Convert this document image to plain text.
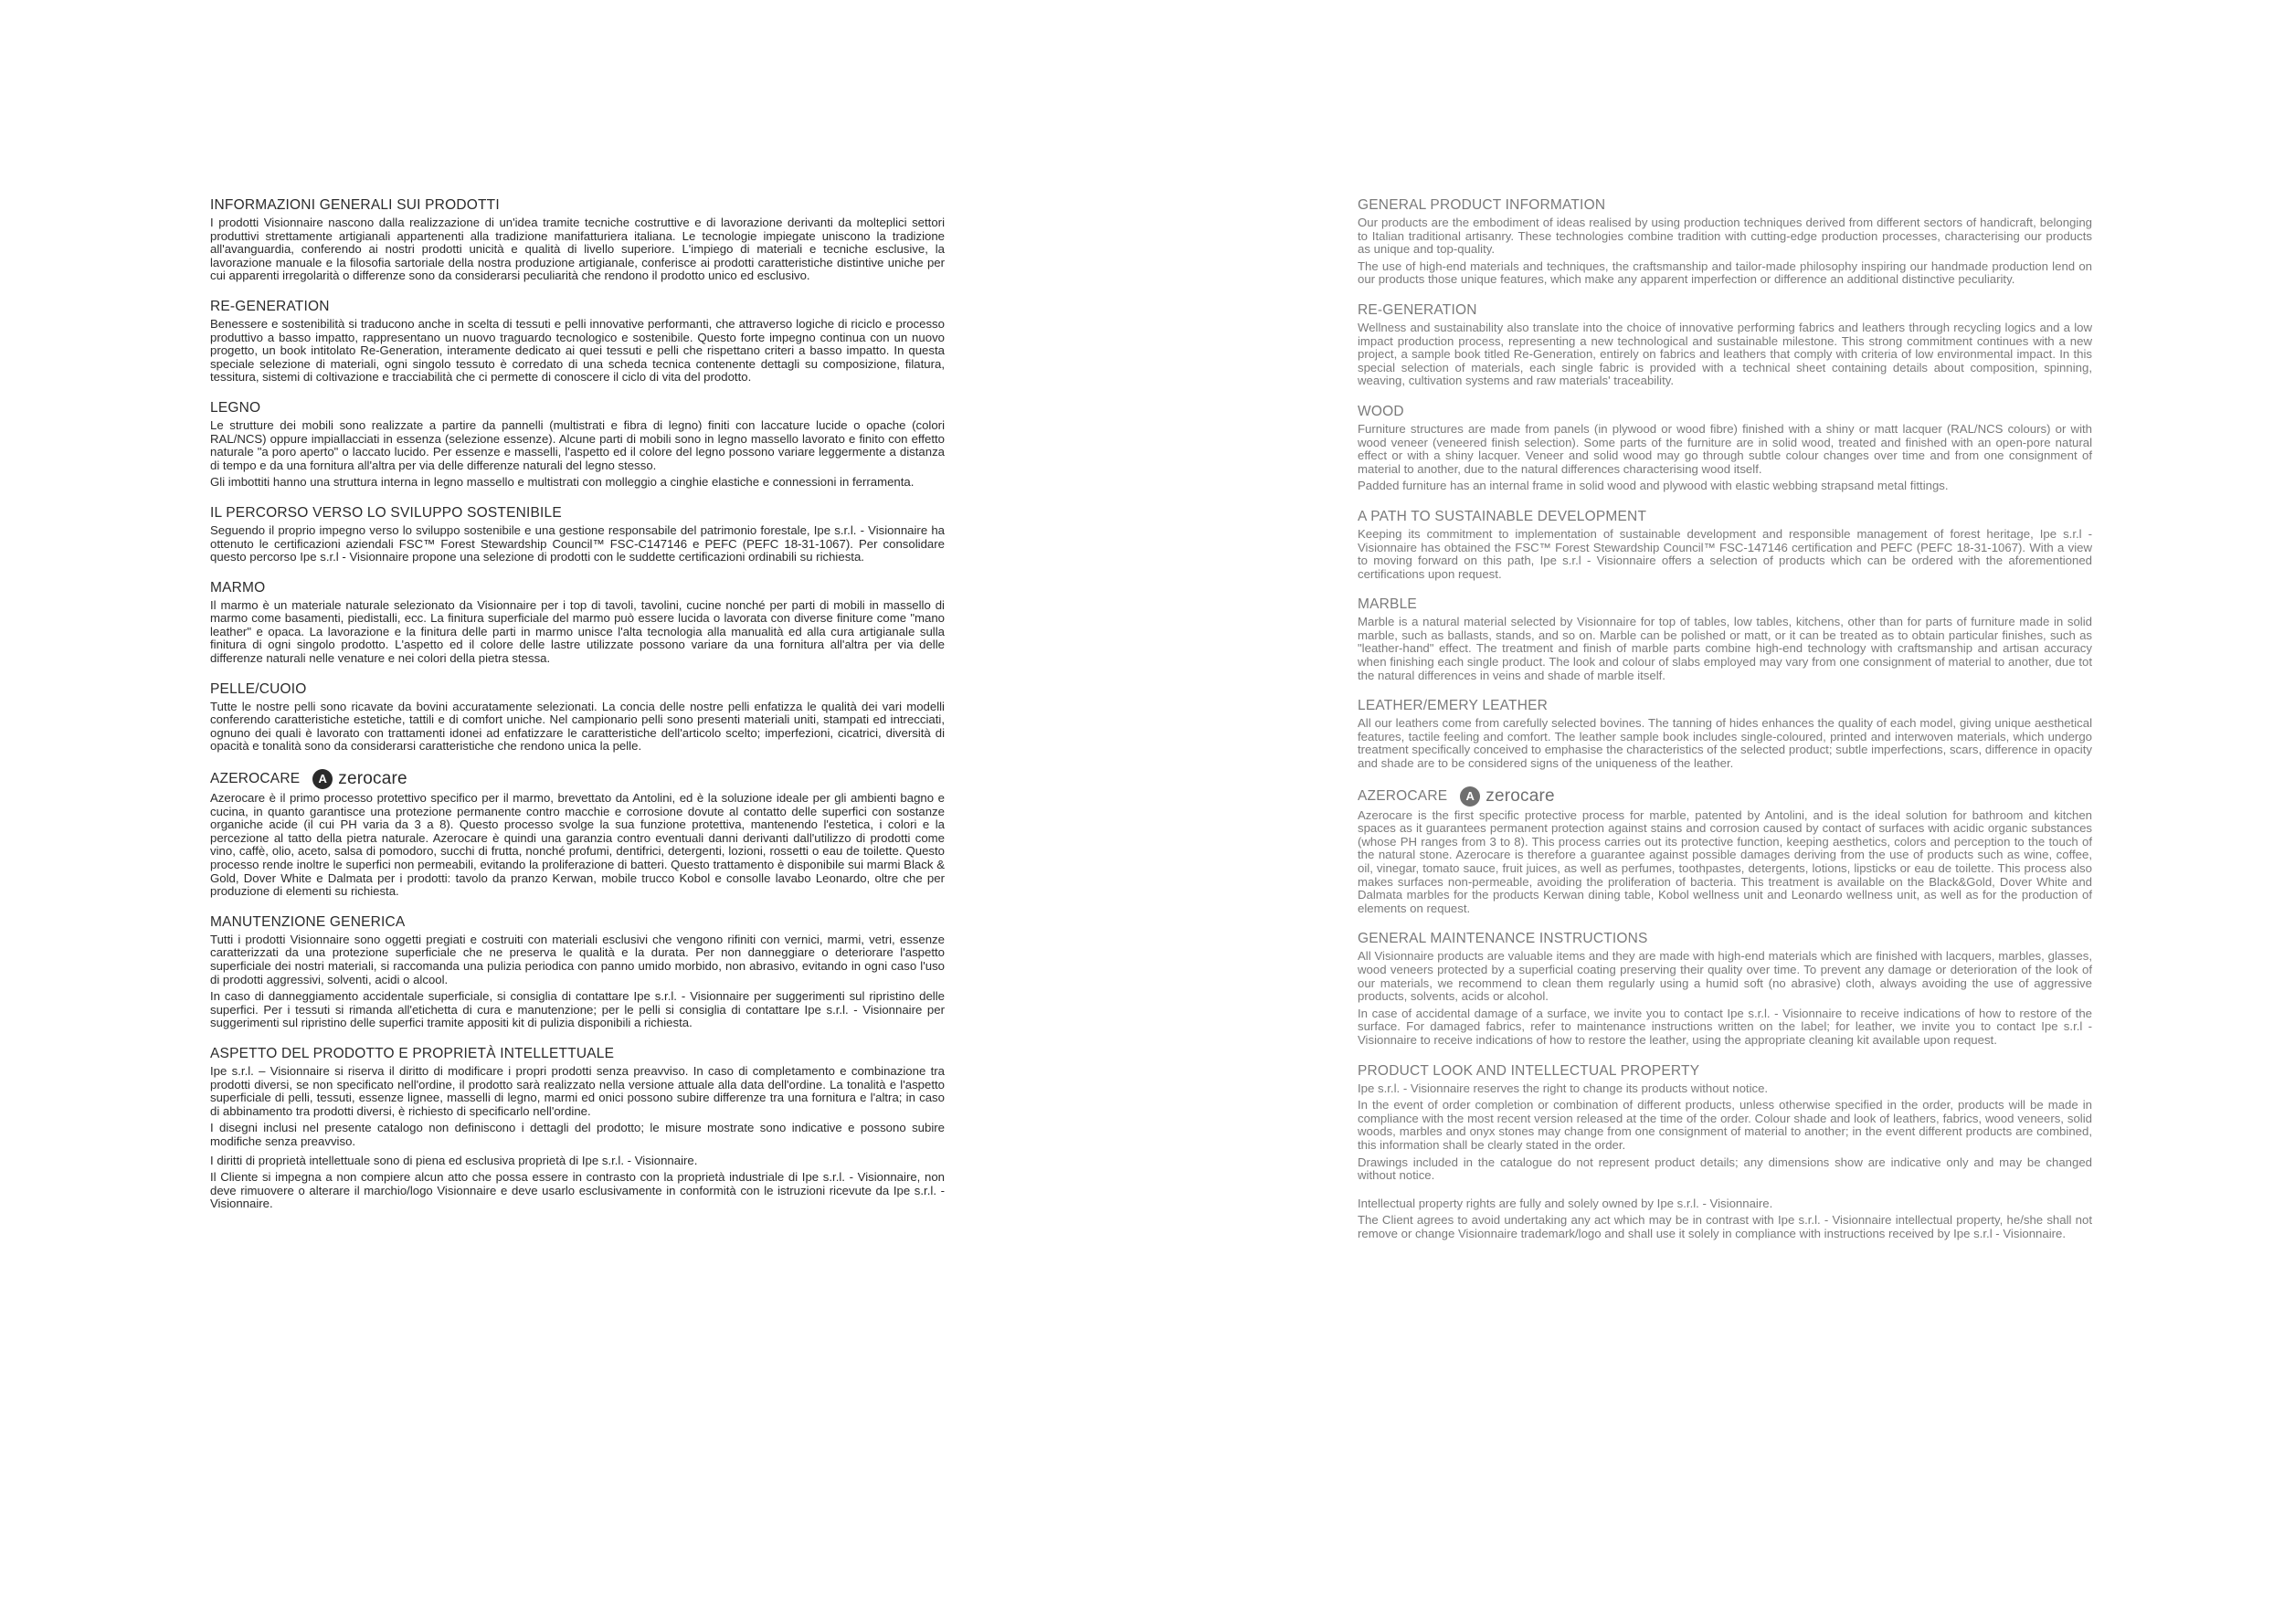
INFORMAZIONI GENERALI SUI PRODOTTI

I prodotti Visionnaire nascono dalla realizzazione di un'idea tramite tecniche costruttive e di lavorazione derivanti da molteplici settori produttivi strettamente artigianali appartenenti alla tradizione manifatturiera italiana. Le tecnologie impiegate uniscono la tradizione all'avanguardia, conferendo ai nostri prodotti unicità e qualità di livello superiore. L'impiego di materiali e tecniche esclusive, la lavorazione manuale e la filosofia sartoriale della nostra produzione artigianale, conferisce ai prodotti caratteristiche distintive uniche per cui apparenti irregolarità o differenze sono da considerarsi peculiarità che rendono il prodotto unico ed esclusivo.

RE-GENERATION

Benessere e sostenibilità si traducono anche in scelta di tessuti e pelli innovative performanti, che attraverso logiche di riciclo e processo produttivo a basso impatto, rappresentano un nuovo traguardo tecnologico e sostenibile. Questo forte impegno continua con un nuovo progetto, un book intitolato Re-Generation, interamente dedicato ai quei tessuti e pelli che rispettano criteri a basso impatto. In questa speciale selezione di materiali, ogni singolo tessuto è corredato di una scheda tecnica contenente dettagli su composizione, filatura, tessitura, sistemi di coltivazione e tracciabilità che ci permette di conoscere il ciclo di vita del prodotto.

LEGNO

Le strutture dei mobili sono realizzate a partire da pannelli (multistrati e fibra di legno) finiti con laccature lucide o opache (colori RAL/NCS) oppure impiallacciati in essenza (selezione essenze). Alcune parti di mobili sono in legno massello lavorato e finito con effetto naturale "a poro aperto" o laccato lucido. Per essenze e masselli, l'aspetto ed il colore del legno possono variare leggermente a distanza di tempo e da una fornitura all'altra per via delle differenze naturali del legno stesso.

Gli imbottiti hanno una struttura interna in legno massello e multistrati con molleggio a cinghie elastiche e connessioni in ferramenta.

IL PERCORSO VERSO LO SVILUPPO SOSTENIBILE

Seguendo il proprio impegno verso lo sviluppo sostenibile e una gestione responsabile del patrimonio forestale, Ipe s.r.l. - Visionnaire ha ottenuto le certificazioni aziendali FSC™ Forest Stewardship Council™ FSC-C147146 e PEFC (PEFC 18-31-1067). Per consolidare questo percorso Ipe s.r.l - Visionnaire propone una selezione di prodotti con le suddette certificazioni ordinabili su richiesta.

MARMO

Il marmo è un materiale naturale selezionato da Visionnaire per i top di tavoli, tavolini, cucine nonché per parti di mobili in massello di marmo come basamenti, piedistalli, ecc. La finitura superficiale del marmo può essere lucida o lavorata con diverse finiture come "mano leather" e opaca. La lavorazione e la finitura delle parti in marmo unisce l'alta tecnologia alla manualità ed alla cura artigianale sulla finitura di ogni singolo prodotto. L'aspetto ed il colore delle lastre utilizzate possono variare da una fornitura all'altra per via delle differenze naturali nelle venature e nei colori della pietra stessa.

PELLE/CUOIO

Tutte le nostre pelli sono ricavate da bovini accuratamente selezionati. La concia delle nostre pelli enfatizza le qualità dei vari modelli conferendo caratteristiche estetiche, tattili e di comfort uniche. Nel campionario pelli sono presenti materiali uniti, stampati ed intrecciati, ognuno dei quali è lavorato con trattamenti idonei ad enfatizzare le caratteristiche dell'articolo scelto; imperfezioni, cicatrici, diversità di opacità e tonalità sono da considerarsi caratteristiche che rendono unica la pelle.

AZEROCARE	A zerocare

Azerocare è il primo processo protettivo specifico per il marmo, brevettato da Antolini, ed è la soluzione ideale per gli ambienti bagno e cucina, in quanto garantisce una protezione permanente contro macchie e corrosione dovute al contatto delle superfici con sostanze organiche acide (il cui PH varia da 3 a 8). Questo processo svolge la sua funzione protettiva, mantenendo l'estetica, i colori e la percezione al tatto della pietra naturale. Azerocare è quindi una garanzia contro eventuali danni derivanti dall'utilizzo di prodotti come vino, caffè, olio, aceto, salsa di pomodoro, succhi di frutta, nonché profumi, dentifrici, detergenti, lozioni, rossetti o eau de toilette. Questo processo rende inoltre le superfici non permeabili, evitando la proliferazione di batteri. Questo trattamento è disponibile sui marmi Black & Gold, Dover White e Dalmata per i prodotti: tavolo da pranzo Kerwan, mobile trucco Kobol e consolle lavabo Leonardo, oltre che per produzione di elementi su richiesta.

MANUTENZIONE GENERICA

Tutti i prodotti Visionnaire sono oggetti pregiati e costruiti con materiali esclusivi che vengono rifiniti con vernici, marmi, vetri, essenze caratterizzati da una protezione superficiale che ne preserva le qualità e la durata. Per non danneggiare o deteriorare l'aspetto superficiale dei nostri materiali, si raccomanda una pulizia periodica con panno umido morbido, non abrasivo, evitando in ogni caso l'uso di prodotti aggressivi, solventi, acidi o alcool.

In caso di danneggiamento accidentale superficiale, si consiglia di contattare Ipe s.r.l. - Visionnaire per suggerimenti sul ripristino delle superfici. Per i tessuti si rimanda all'etichetta di cura e manutenzione; per le pelli si consiglia di contattare Ipe s.r.l. - Visionnaire per suggerimenti sul ripristino delle superfici tramite appositi kit di pulizia disponibili a richiesta.

ASPETTO DEL PRODOTTO E PROPRIETÀ INTELLETTUALE

Ipe s.r.l. – Visionnaire si riserva il diritto di modificare i propri prodotti senza preavviso. In caso di completamento e combinazione tra prodotti diversi, se non specificato nell'ordine, il prodotto sarà realizzato nella versione attuale alla data dell'ordine. La tonalità e l'aspetto superficiale di pelli, tessuti, essenze lignee, masselli di legno, marmi ed onici possono subire differenze tra una fornitura e l'altra; in caso di abbinamento tra prodotti diversi, è richiesto di specificarlo nell'ordine.

I disegni inclusi nel presente catalogo non definiscono i dettagli del prodotto; le misure mostrate sono indicative e possono subire modifiche senza preavviso.

I diritti di proprietà intellettuale sono di piena ed esclusiva proprietà di Ipe s.r.l. - Visionnaire.

Il Cliente si impegna a non compiere alcun atto che possa essere in contrasto con la proprietà industriale di Ipe s.r.l. - Visionnaire, non deve rimuovere o alterare il marchio/logo Visionnaire e deve usarlo esclusivamente in conformità con le istruzioni ricevute da Ipe s.r.l. - Visionnaire.

GENERAL PRODUCT INFORMATION

Our products are the embodiment of ideas realised by using production techniques derived from different sectors of handicraft, belonging to Italian traditional artisanry. These technologies combine tradition with cutting-edge production processes, characterising our products as unique and top-quality.

The use of high-end materials and techniques, the craftsmanship and tailor-made philosophy inspiring our handmade production lend on our products those unique features, which make any apparent imperfection or difference an additional distinctive peculiarity.

RE-GENERATION

Wellness and sustainability also translate into the choice of innovative performing fabrics and leathers through recycling logics and a low impact production process, representing a new technological and sustainable milestone. This strong commitment continues with a new project, a sample book titled Re-Generation, entirely on fabrics and leathers that comply with criteria of low environmental impact. In this special selection of materials, each single fabric is provided with a technical sheet containing details about composition, spinning, weaving, cultivation systems and raw materials' traceability.

WOOD

Furniture structures are made from panels (in plywood or wood fibre) finished with a shiny or matt lacquer (RAL/NCS colours) or with wood veneer (veneered finish selection). Some parts of the furniture are in solid wood, treated and finished with an open-pore natural effect or with a shiny lacquer. Veneer and solid wood may go through subtle colour changes over time and from one consignment of material to another, due to the natural differences characterising wood itself.

Padded furniture has an internal frame in solid wood and plywood with elastic webbing strapsand metal fittings.

A PATH TO SUSTAINABLE DEVELOPMENT

Keeping its commitment to implementation of sustainable development and responsible management of forest heritage, Ipe s.r.l - Visionnaire has obtained the FSC™ Forest Stewardship Council™ FSC-147146 certification and PEFC (PEFC 18-31-1067). With a view to moving forward on this path, Ipe s.r.l - Visionnaire offers a selection of products which can be ordered with the aforementioned certifications upon request.

MARBLE

Marble is a natural material selected by Visionnaire for top of tables, low tables, kitchens, other than for parts of furniture made in solid marble, such as ballasts, stands, and so on. Marble can be polished or matt, or it can be treated as to obtain particular finishes, such as "leather-hand" effect. The treatment and finish of marble parts combine high-end technology with craftsmanship and artisan accuracy when finishing each single product. The look and colour of slabs employed may vary from one consignment of material to another, due tot the natural differences in veins and shade of marble itself.

LEATHER/EMERY LEATHER

All our leathers come from carefully selected bovines. The tanning of hides enhances the quality of each model, giving unique aesthetical features, tactile feeling and comfort. The leather sample book includes single-coloured, printed and interwoven materials, which undergo treatment specifically conceived to emphasise the characteristics of the selected product; subtle imperfections, scars, difference in opacity and shade are to be considered signs of the uniqueness of the leather.

AZEROCARE	A zerocare

Azerocare is the first specific protective process for marble, patented by Antolini, and is the ideal solution for bathroom and kitchen spaces as it guarantees permanent protection against stains and corrosion caused by contact of surfaces with acidic organic substances (whose PH ranges from 3 to 8). This process carries out its protective function, keeping aesthetics, colors and perception to the touch of the natural stone. Azerocare is therefore a guarantee against possible damages deriving from the use of products such as wine, coffee, oil, vinegar, tomato sauce, fruit juices, as well as perfumes, toothpastes, detergents, lotions, lipsticks or eau de toilette. This process also makes surfaces non-permeable, avoiding the proliferation of bacteria. This treatment is available on the Black&Gold, Dover White and Dalmata marbles for the products Kerwan dining table, Kobol wellness unit and Leonardo wellness unit, as well as for the production of elements on request.

GENERAL MAINTENANCE INSTRUCTIONS

All Visionnaire products are valuable items and they are made with high-end materials which are finished with lacquers, marbles, glasses, wood veneers protected by a superficial coating preserving their quality over time. To prevent any damage or deterioration of the look of our materials, we recommend to clean them regularly using a humid soft (no abrasive) cloth, always avoiding the use of aggressive products, solvents, acids or alcohol.

In case of accidental damage of a surface, we invite you to contact Ipe s.r.l. - Visionnaire to receive indications of how to restore of the surface. For damaged fabrics, refer to maintenance instructions written on the label; for leather, we invite you to contact Ipe s.r.l - Visionnaire to receive indications of how to restore the leather, using the appropriate cleaning kit available upon request.

PRODUCT LOOK AND INTELLECTUAL PROPERTY

Ipe s.r.l. - Visionnaire reserves the right to change its products without notice.

In the event of order completion or combination of different products, unless otherwise specified in the order, products will be made in compliance with the most recent version released at the time of the order. Colour shade and look of leathers, fabrics, wood veneers, solid woods, marbles and onyx stones may change from one consignment of material to another; in the event different products are combined, this information shall be clearly stated in the order.

Drawings included in the catalogue do not represent product details; any dimensions show are indicative only and may be changed without notice.

Intellectual property rights are fully and solely owned by Ipe s.r.l. - Visionnaire.

The Client agrees to avoid undertaking any act which may be in contrast with Ipe s.r.l. - Visionnaire intellectual property, he/she shall not remove or change Visionnaire trademark/logo and shall use it solely in compliance with instructions received by Ipe s.r.l - Visionnaire.
